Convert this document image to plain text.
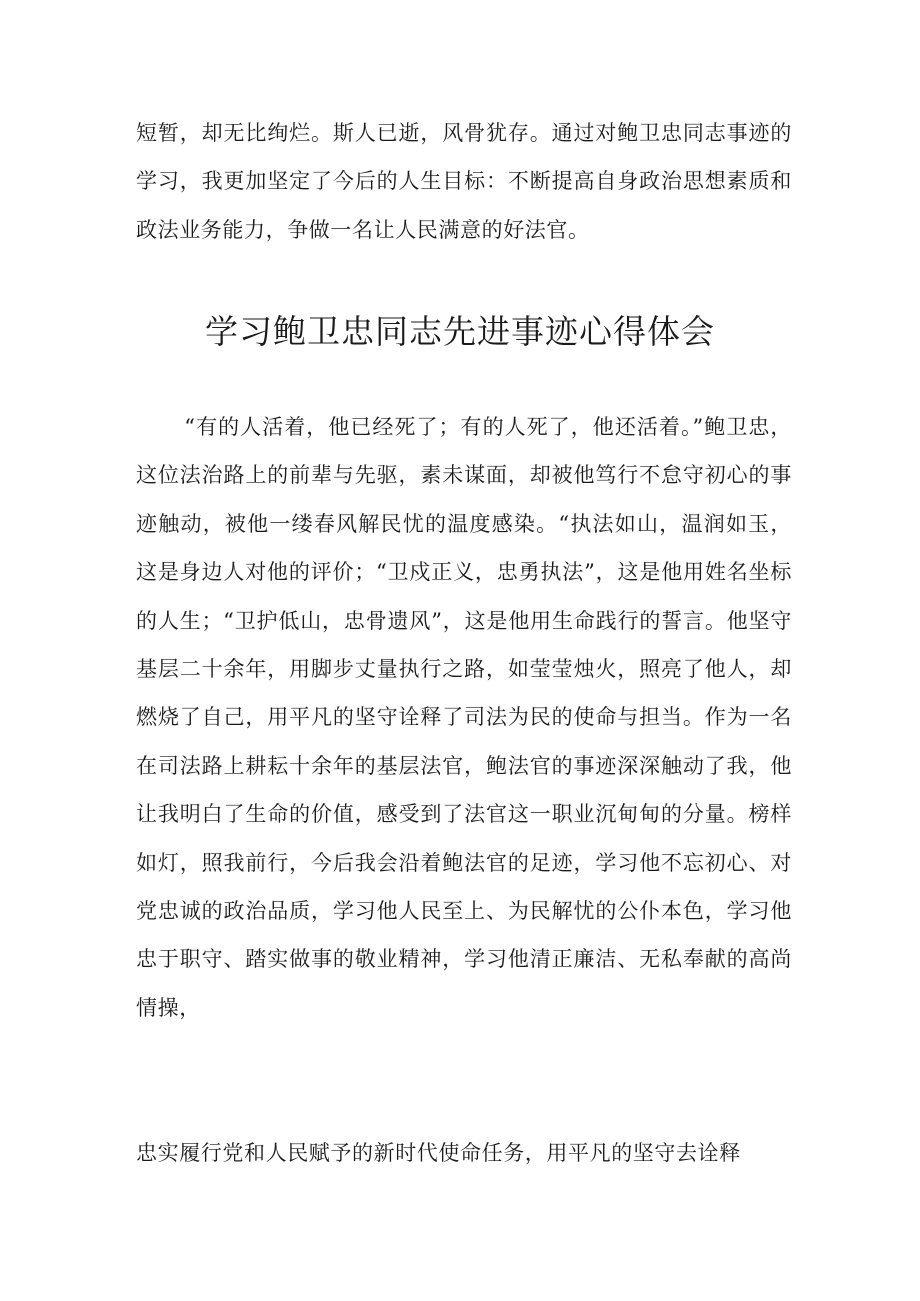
短暂，却无比绚烂。斯人已逝，风骨犹存。通过对鲍卫忠同志事迹的学习，我更加坚定了今后的人生目标：不断提高自身政治思想素质和政法业务能力，争做一名让人民满意的好法官。

学习鲍卫忠同志先进事迹心得体会

“有的人活着，他已经死了；有的人死了，他还活着。”鲍卫忠，这位法治路上的前辈与先驱，素未谋面，却被他笃行不怠守初心的事迹触动，被他一缕春风解民忧的温度感染。“执法如山，温润如玉，这是身边人对他的评价；“卫戍正义，忠勇执法”，这是他用姓名坐标的人生；“卫护低山，忠骨遗风”，这是他用生命践行的誓言。他坚守基层二十余年，用脚步丈量执行之路，如莹莹烛火，照亮了他人，却燃烧了自己，用平凡的坚守诠释了司法为民的使命与担当。作为一名在司法路上耕耘十余年的基层法官，鲍法官的事迹深深触动了我，他让我明白了生命的价值，感受到了法官这一职业沉甸甸的分量。榜样如灯，照我前行，今后我会沿着鲍法官的足迹，学习他不忘初心、对党忠诚的政治品质，学习他人民至上、为民解忧的公仆本色，学习他忠于职守、踏实做事的敬业精神，学习他清正廉洁、无私奉献的高尚情操，

忠实履行党和人民赋予的新时代使命任务，用平凡的坚守去诠释
